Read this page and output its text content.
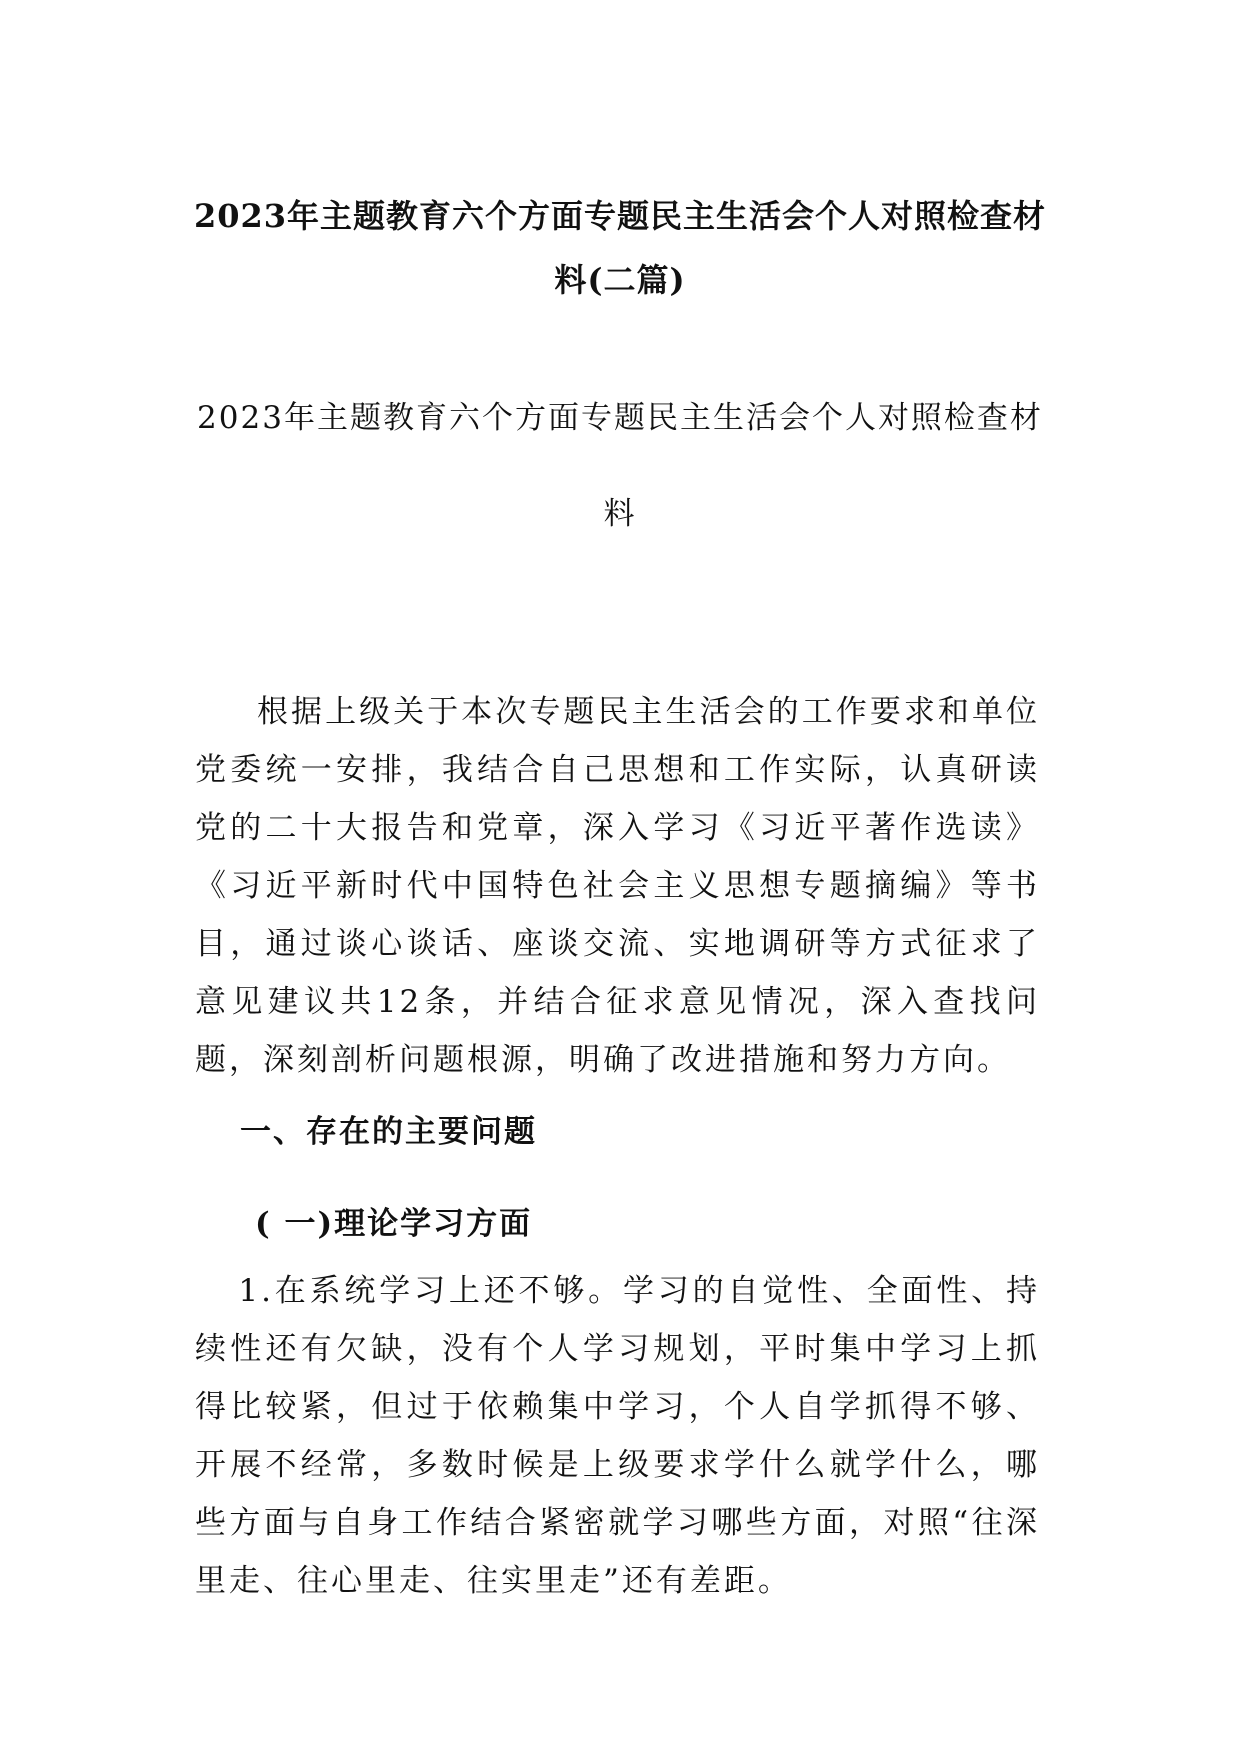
2023年主题教育六个方面专题民主生活会个人对照检查材料(二篇)
2023年主题教育六个方面专题民主生活会个人对照检查材料

根据上级关于本次专题民主生活会的工作要求和单位党委统一安排，我结合自己思想和工作实际，认真研读党的二十大报告和党章，深入学习《习近平著作选读》《习近平新时代中国特色社会主义思想专题摘编》等书目，通过谈心谈话、座谈交流、实地调研等方式征求了意见建议共12条，并结合征求意见情况，深入查找问题，深刻剖析问题根源，明确了改进措施和努力方向。

一、存在的主要问题
( 一)理论学习方面

1.在系统学习上还不够。学习的自觉性、全面性、持续性还有欠缺，没有个人学习规划，平时集中学习上抓得比较紧，但过于依赖集中学习，个人自学抓得不够、开展不经常，多数时候是上级要求学什么就学什么，哪些方面与自身工作结合紧密就学习哪些方面，对照“往深里走、往心里走、往实里走”还有差距。
